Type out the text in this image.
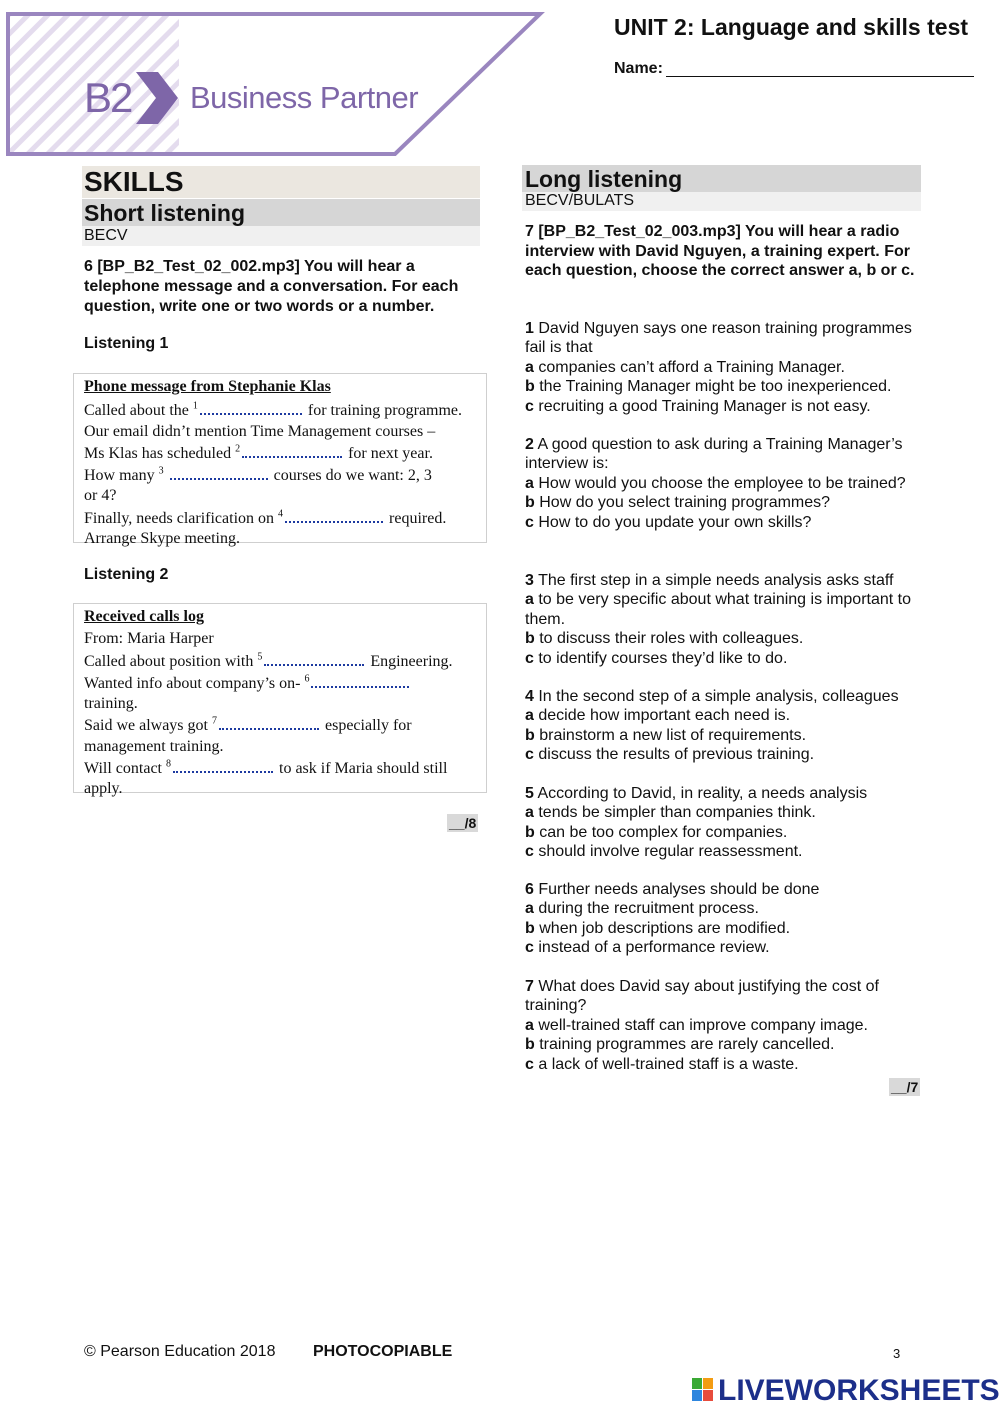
B2 Business Partner
UNIT 2: Language and skills test
Name:
SKILLS
Short listening
BECV
6 [BP_B2_Test_02_002.mp3] You will hear a telephone message and a conversation. For each question, write one or two words or a number.
Listening 1
Phone message from Stephanie Klas
Called about the $^1$	for training programme.
Our email didn’t mention Time Management courses –
Ms Klas has scheduled $^2$	for next year.
How many $^3$	courses do we want: 2, 3
or 4?
Finally, needs clarification on $^4$	required.
Arrange Skype meeting.
Listening 2
Received calls log
From: Maria Harper
Called about position with $^5$	Engineering.
Wanted info about company’s on- $^6$
training.
Said we always got $^7$	especially for
management training.
Will contact $^8$	to ask if Maria should still
apply.
__/8
Long listening
BECV/BULATS
7 [BP_B2_Test_02_003.mp3] You will hear a radio interview with David Nguyen, a training expert. For each question, choose the correct answer a, b or c.
1 David Nguyen says one reason training programmes fail is that
a companies can’t afford a Training Manager.
b the Training Manager might be too inexperienced.
c recruiting a good Training Manager is not easy.
2 A good question to ask during a Training Manager’s interview is:
a How would you choose the employee to be trained?
b How do you select training programmes?
c How to do you update your own skills?
3 The first step in a simple needs analysis asks staff
a to be very specific about what training is important to them.
b to discuss their roles with colleagues.
c to identify courses they’d like to do.
4 In the second step of a simple analysis, colleagues
a decide how important each need is.
b brainstorm a new list of requirements.
c discuss the results of previous training.
5 According to David, in reality, a needs analysis
a tends be simpler than companies think.
b can be too complex for companies.
c should involve regular reassessment.
6 Further needs analyses should be done
a during the recruitment process.
b when job descriptions are modified.
c instead of a performance review.
7 What does David say about justifying the cost of training?
a well-trained staff can improve company image.
b training programmes are rarely cancelled.
c a lack of well-trained staff is a waste.
__/7
© Pearson Education 2018 PHOTOCOPIABLE	3
LIVEWORKSHEETS
